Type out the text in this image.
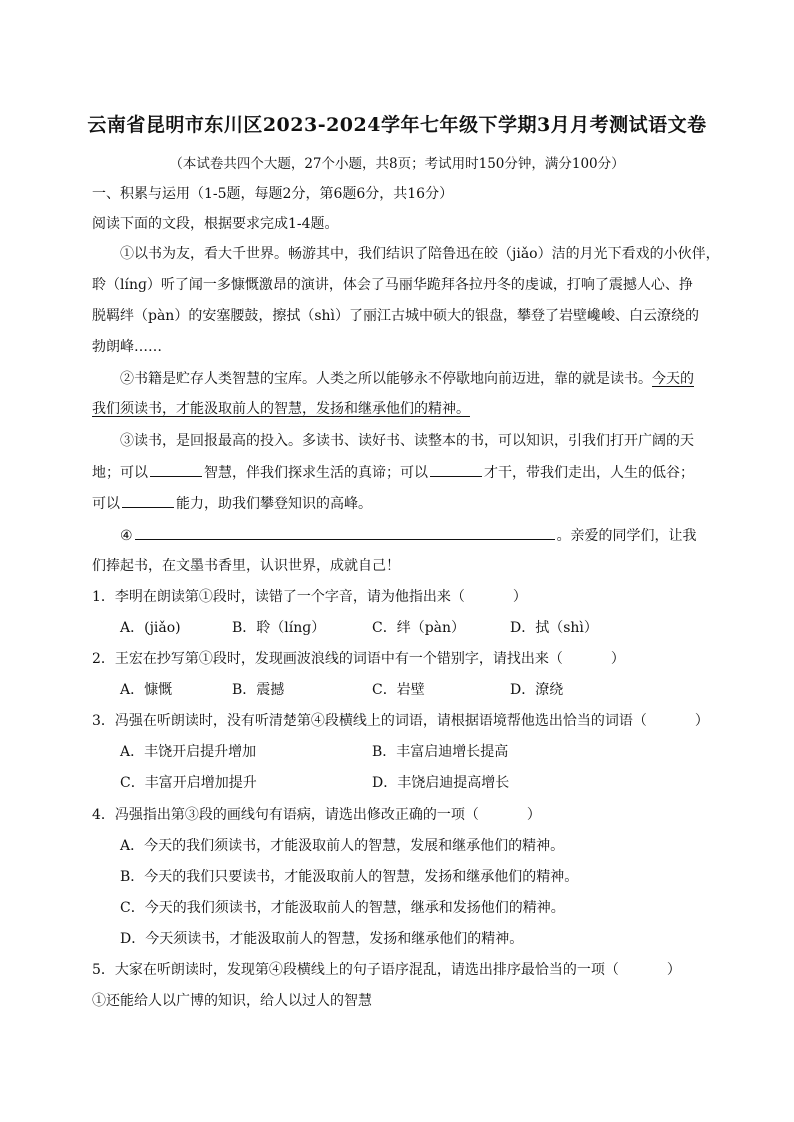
云南省昆明市东川区2023-2024学年七年级下学期3月月考测试语文卷
（本试卷共四个大题，27个小题，共8页；考试用时150分钟，满分100分）
一、积累与运用（1-5题，每题2分，第6题6分，共16分）
阅读下面的文段，根据要求完成1-4题。
①以书为友，看大千世界。畅游其中，我们结识了陪鲁迅在皎（jiǎo）洁的月光下看戏的小伙伴，
聆（línɡ）听了闻一多慷慨激昂的演讲，体会了马丽华跪拜各拉丹冬的虔诚，打响了震撼人心、挣
脱羁绊（pàn）的安塞腰鼓，擦拭（shì）了丽江古城中硕大的银盘，攀登了岩壁巉峻、白云潦绕的
勃朗峰……
②书籍是贮存人类智慧的宝库。人类之所以能够永不停歇地向前迈进，靠的就是读书。今天的
我们须读书，才能汲取前人的智慧，发扬和继承他们的精神。
③读书，是回报最高的投入。多读书、读好书、读整本的书，可以知识，引我们打开广阔的天
地；可以	智慧，伴我们探求生活的真谛；可以	才干，带我们走出，人生的低谷；
可以	能力，助我们攀登知识的高峰。
④	。亲爱的同学们，让我
们捧起书，在文墨书香里，认识世界，成就自己！
1．李明在朗读第①段时，读错了一个字音，请为他指出来（	）
A．(jiǎo)	B．聆（línɡ）	C．绊（pàn）	D．拭（shì）
2．王宏在抄写第①段时，发现画波浪线的词语中有一个错别字，请找出来（	）
A．慷慨	B．震撼	C．岩壁	D．潦绕
3．冯强在听朗读时，没有听清楚第④段横线上的词语，请根据语境帮他选出恰当的词语（	）
A．丰饶开启提升增加	B．丰富启迪增长提高
C．丰富开启增加提升	D．丰饶启迪提高增长
4．冯强指出第③段的画线句有语病，请选出修改正确的一项（	）
A．今天的我们须读书，才能汲取前人的智慧，发展和继承他们的精神。
B．今天的我们只要读书，才能汲取前人的智慧，发扬和继承他们的精神。
C．今天的我们须读书，才能汲取前人的智慧，继承和发扬他们的精神。
D．今天须读书，才能汲取前人的智慧，发扬和继承他们的精神。
5．大家在听朗读时，发现第④段横线上的句子语序混乱，请选出排序最恰当的一项（	）
①还能给人以广博的知识，给人以过人的智慧
